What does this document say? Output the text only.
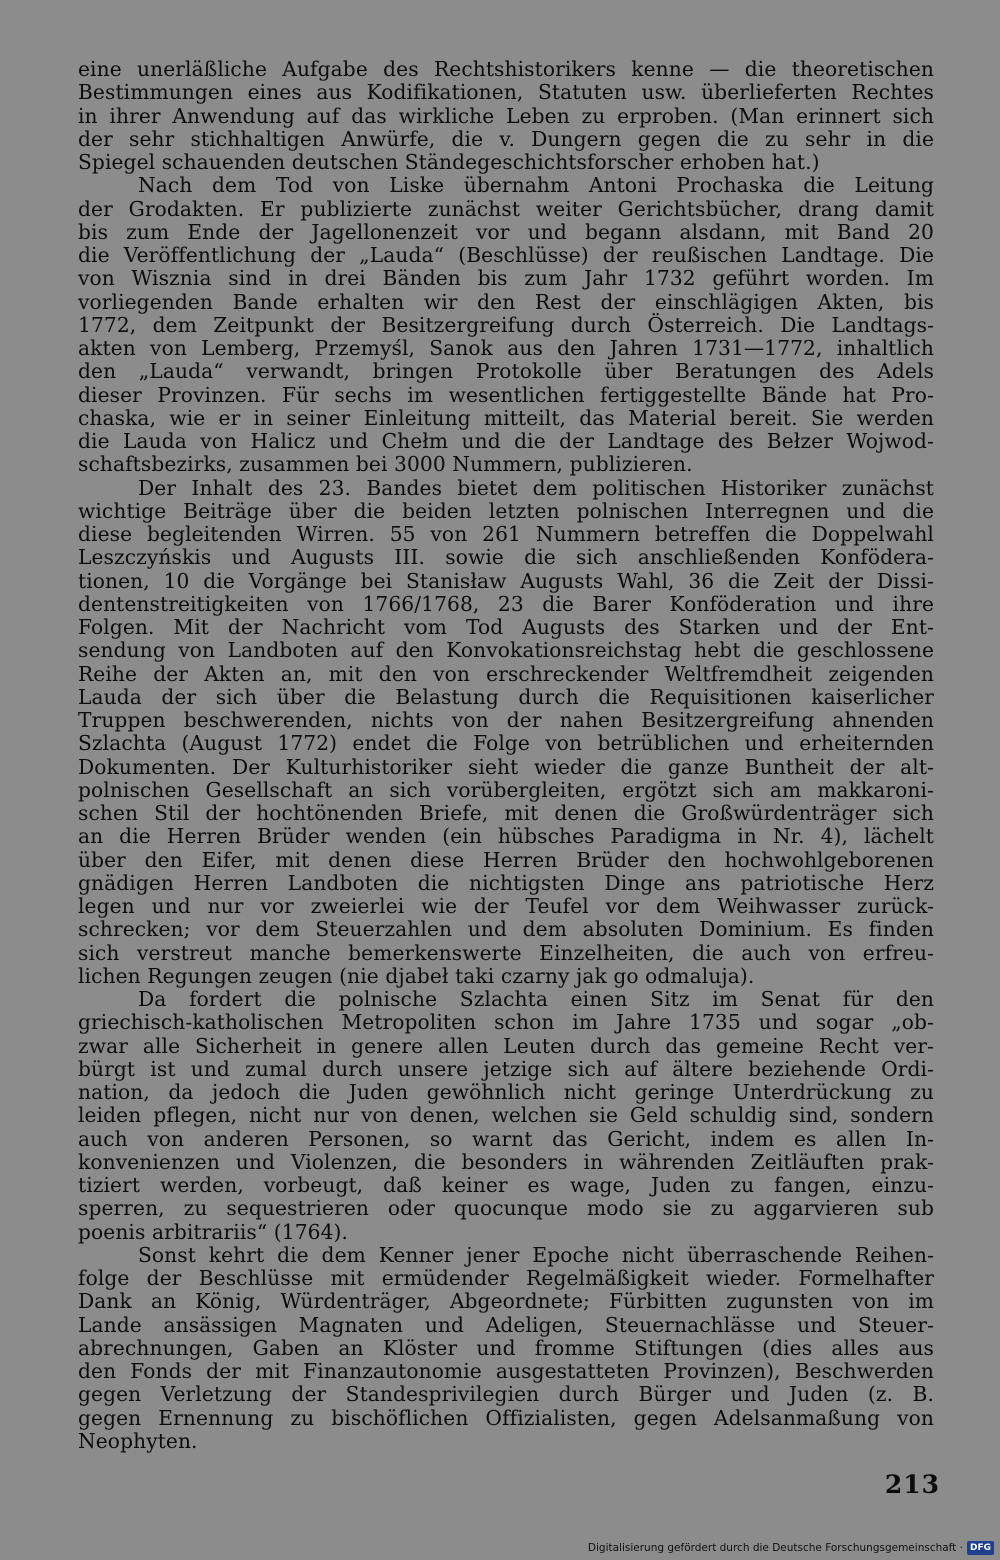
eine unerläßliche Aufgabe des Rechtshistorikers kenne — die theoretischen
Bestimmungen eines aus Kodifikationen, Statuten usw. überlieferten Rechtes
in ihrer Anwendung auf das wirkliche Leben zu erproben. (Man erinnert sich
der sehr stichhaltigen Anwürfe, die v. Dungern gegen die zu sehr in die
Spiegel schauenden deutschen Ständegeschichtsforscher erhoben hat.)

Nach dem Tod von Liske übernahm Antoni Prochaska die Leitung
der Grodakten. Er publizierte zunächst weiter Gerichtsbücher, drang damit
bis zum Ende der Jagellonenzeit vor und begann alsdann, mit Band 20
die Veröffentlichung der „Lauda“ (Beschlüsse) der reußischen Landtage. Die
von Wisznia sind in drei Bänden bis zum Jahr 1732 geführt worden. Im
vorliegenden Bande erhalten wir den Rest der einschlägigen Akten, bis
1772, dem Zeitpunkt der Besitzergreifung durch Österreich. Die Landtags-
akten von Lemberg, Przemyśl, Sanok aus den Jahren 1731—1772, inhaltlich
den „Lauda“ verwandt, bringen Protokolle über Beratungen des Adels
dieser Provinzen. Für sechs im wesentlichen fertiggestellte Bände hat Pro-
chaska, wie er in seiner Einleitung mitteilt, das Material bereit. Sie werden
die Lauda von Halicz und Chełm und die der Landtage des Bełzer Wojwod-
schaftsbezirks, zusammen bei 3000 Nummern, publizieren.

Der Inhalt des 23. Bandes bietet dem politischen Historiker zunächst
wichtige Beiträge über die beiden letzten polnischen Interregnen und die
diese begleitenden Wirren. 55 von 261 Nummern betreffen die Doppelwahl
Leszczyńskis und Augusts III. sowie die sich anschließenden Konfödera-
tionen, 10 die Vorgänge bei Stanisław Augusts Wahl, 36 die Zeit der Dissi-
dentenstreitigkeiten von 1766/1768, 23 die Barer Konföderation und ihre
Folgen. Mit der Nachricht vom Tod Augusts des Starken und der Ent-
sendung von Landboten auf den Konvokationsreichstag hebt die geschlossene
Reihe der Akten an, mit den von erschreckender Weltfremdheit zeigenden
Lauda der sich über die Belastung durch die Requisitionen kaiserlicher
Truppen beschwerenden, nichts von der nahen Besitzergreifung ahnenden
Szlachta (August 1772) endet die Folge von betrüblichen und erheiternden
Dokumenten. Der Kulturhistoriker sieht wieder die ganze Buntheit der alt-
polnischen Gesellschaft an sich vorübergleiten, ergötzt sich am makkaroni-
schen Stil der hochtönenden Briefe, mit denen die Großwürdenträger sich
an die Herren Brüder wenden (ein hübsches Paradigma in Nr. 4), lächelt
über den Eifer, mit denen diese Herren Brüder den hochwohlgeborenen
gnädigen Herren Landboten die nichtigsten Dinge ans patriotische Herz
legen und nur vor zweierlei wie der Teufel vor dem Weihwasser zurück-
schrecken; vor dem Steuerzahlen und dem absoluten Dominium. Es finden
sich verstreut manche bemerkenswerte Einzelheiten, die auch von erfreu-
lichen Regungen zeugen (nie djabeł taki czarny jak go odmaluja).

Da fordert die polnische Szlachta einen Sitz im Senat für den
griechisch-katholischen Metropoliten schon im Jahre 1735 und sogar „ob-
zwar alle Sicherheit in genere allen Leuten durch das gemeine Recht ver-
bürgt ist und zumal durch unsere jetzige sich auf ältere beziehende Ordi-
nation, da jedoch die Juden gewöhnlich nicht geringe Unterdrückung zu
leiden pflegen, nicht nur von denen, welchen sie Geld schuldig sind, sondern
auch von anderen Personen, so warnt das Gericht, indem es allen In-
konvenienzen und Violenzen, die besonders in währenden Zeitläuften prak-
tiziert werden, vorbeugt, daß keiner es wage, Juden zu fangen, einzu-
sperren, zu sequestrieren oder quocunque modo sie zu aggarvieren sub
poenis arbitrariis“ (1764).

Sonst kehrt die dem Kenner jener Epoche nicht überraschende Reihen-
folge der Beschlüsse mit ermüdender Regelmäßigkeit wieder. Formelhafter
Dank an König, Würdenträger, Abgeordnete; Fürbitten zugunsten von im
Lande ansässigen Magnaten und Adeligen, Steuernachlässe und Steuer-
abrechnungen, Gaben an Klöster und fromme Stiftungen (dies alles aus
den Fonds der mit Finanzautonomie ausgestatteten Provinzen), Beschwerden
gegen Verletzung der Standesprivilegien durch Bürger und Juden (z. B.
gegen Ernennung zu bischöflichen Offizialisten, gegen Adelsanmaßung von
Neophyten.

213
Digitalisierung gefördert durch die Deutsche Forschungsgemeinschaft · DFG
